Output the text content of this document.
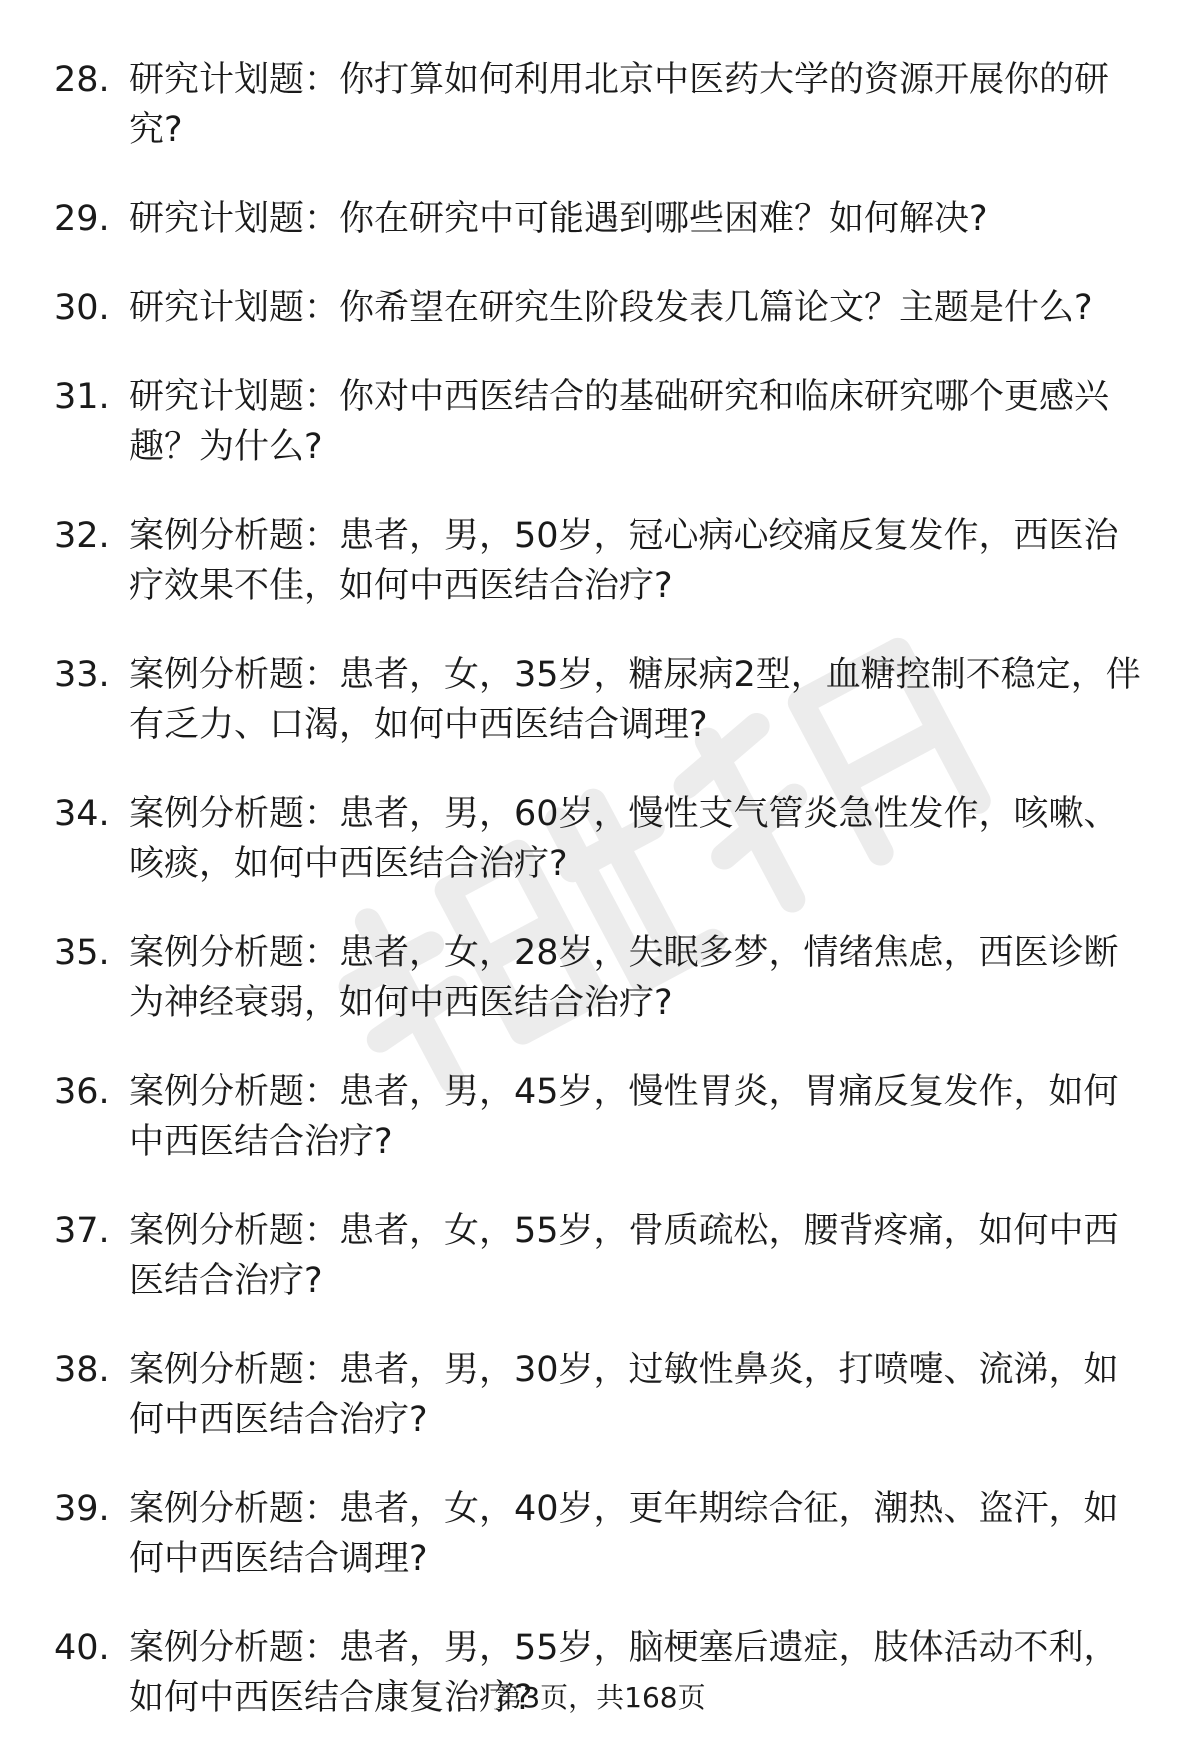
28. 研究计划题：你打算如何利用北京中医药大学的资源开展你的研究?
29. 研究计划题：你在研究中可能遇到哪些困难？如何解决?
30. 研究计划题：你希望在研究生阶段发表几篇论文？主题是什么?
31. 研究计划题：你对中西医结合的基础研究和临床研究哪个更感兴趣？为什么?
32. 案例分析题：患者，男，50岁，冠心病心绞痛反复发作，西医治疗效果不佳，如何中西医结合治疗?
33. 案例分析题：患者，女，35岁，糖尿病2型，血糖控制不稳定，伴有乏力、口渴，如何中西医结合调理?
34. 案例分析题：患者，男，60岁，慢性支气管炎急性发作，咳嗽、咳痰，如何中西医结合治疗?
35. 案例分析题：患者，女，28岁，失眠多梦，情绪焦虑，西医诊断为神经衰弱，如何中西医结合治疗?
36. 案例分析题：患者，男，45岁，慢性胃炎，胃痛反复发作，如何中西医结合治疗?
37. 案例分析题：患者，女，55岁，骨质疏松，腰背疼痛，如何中西医结合治疗?
38. 案例分析题：患者，男，30岁，过敏性鼻炎，打喷嚏、流涕，如何中西医结合治疗?
39. 案例分析题：患者，女，40岁，更年期综合征，潮热、盗汗，如何中西医结合调理?
40. 案例分析题：患者，男，55岁，脑梗塞后遗症，肢体活动不利，如何中西医结合康复治疗?
第3页，共168页
